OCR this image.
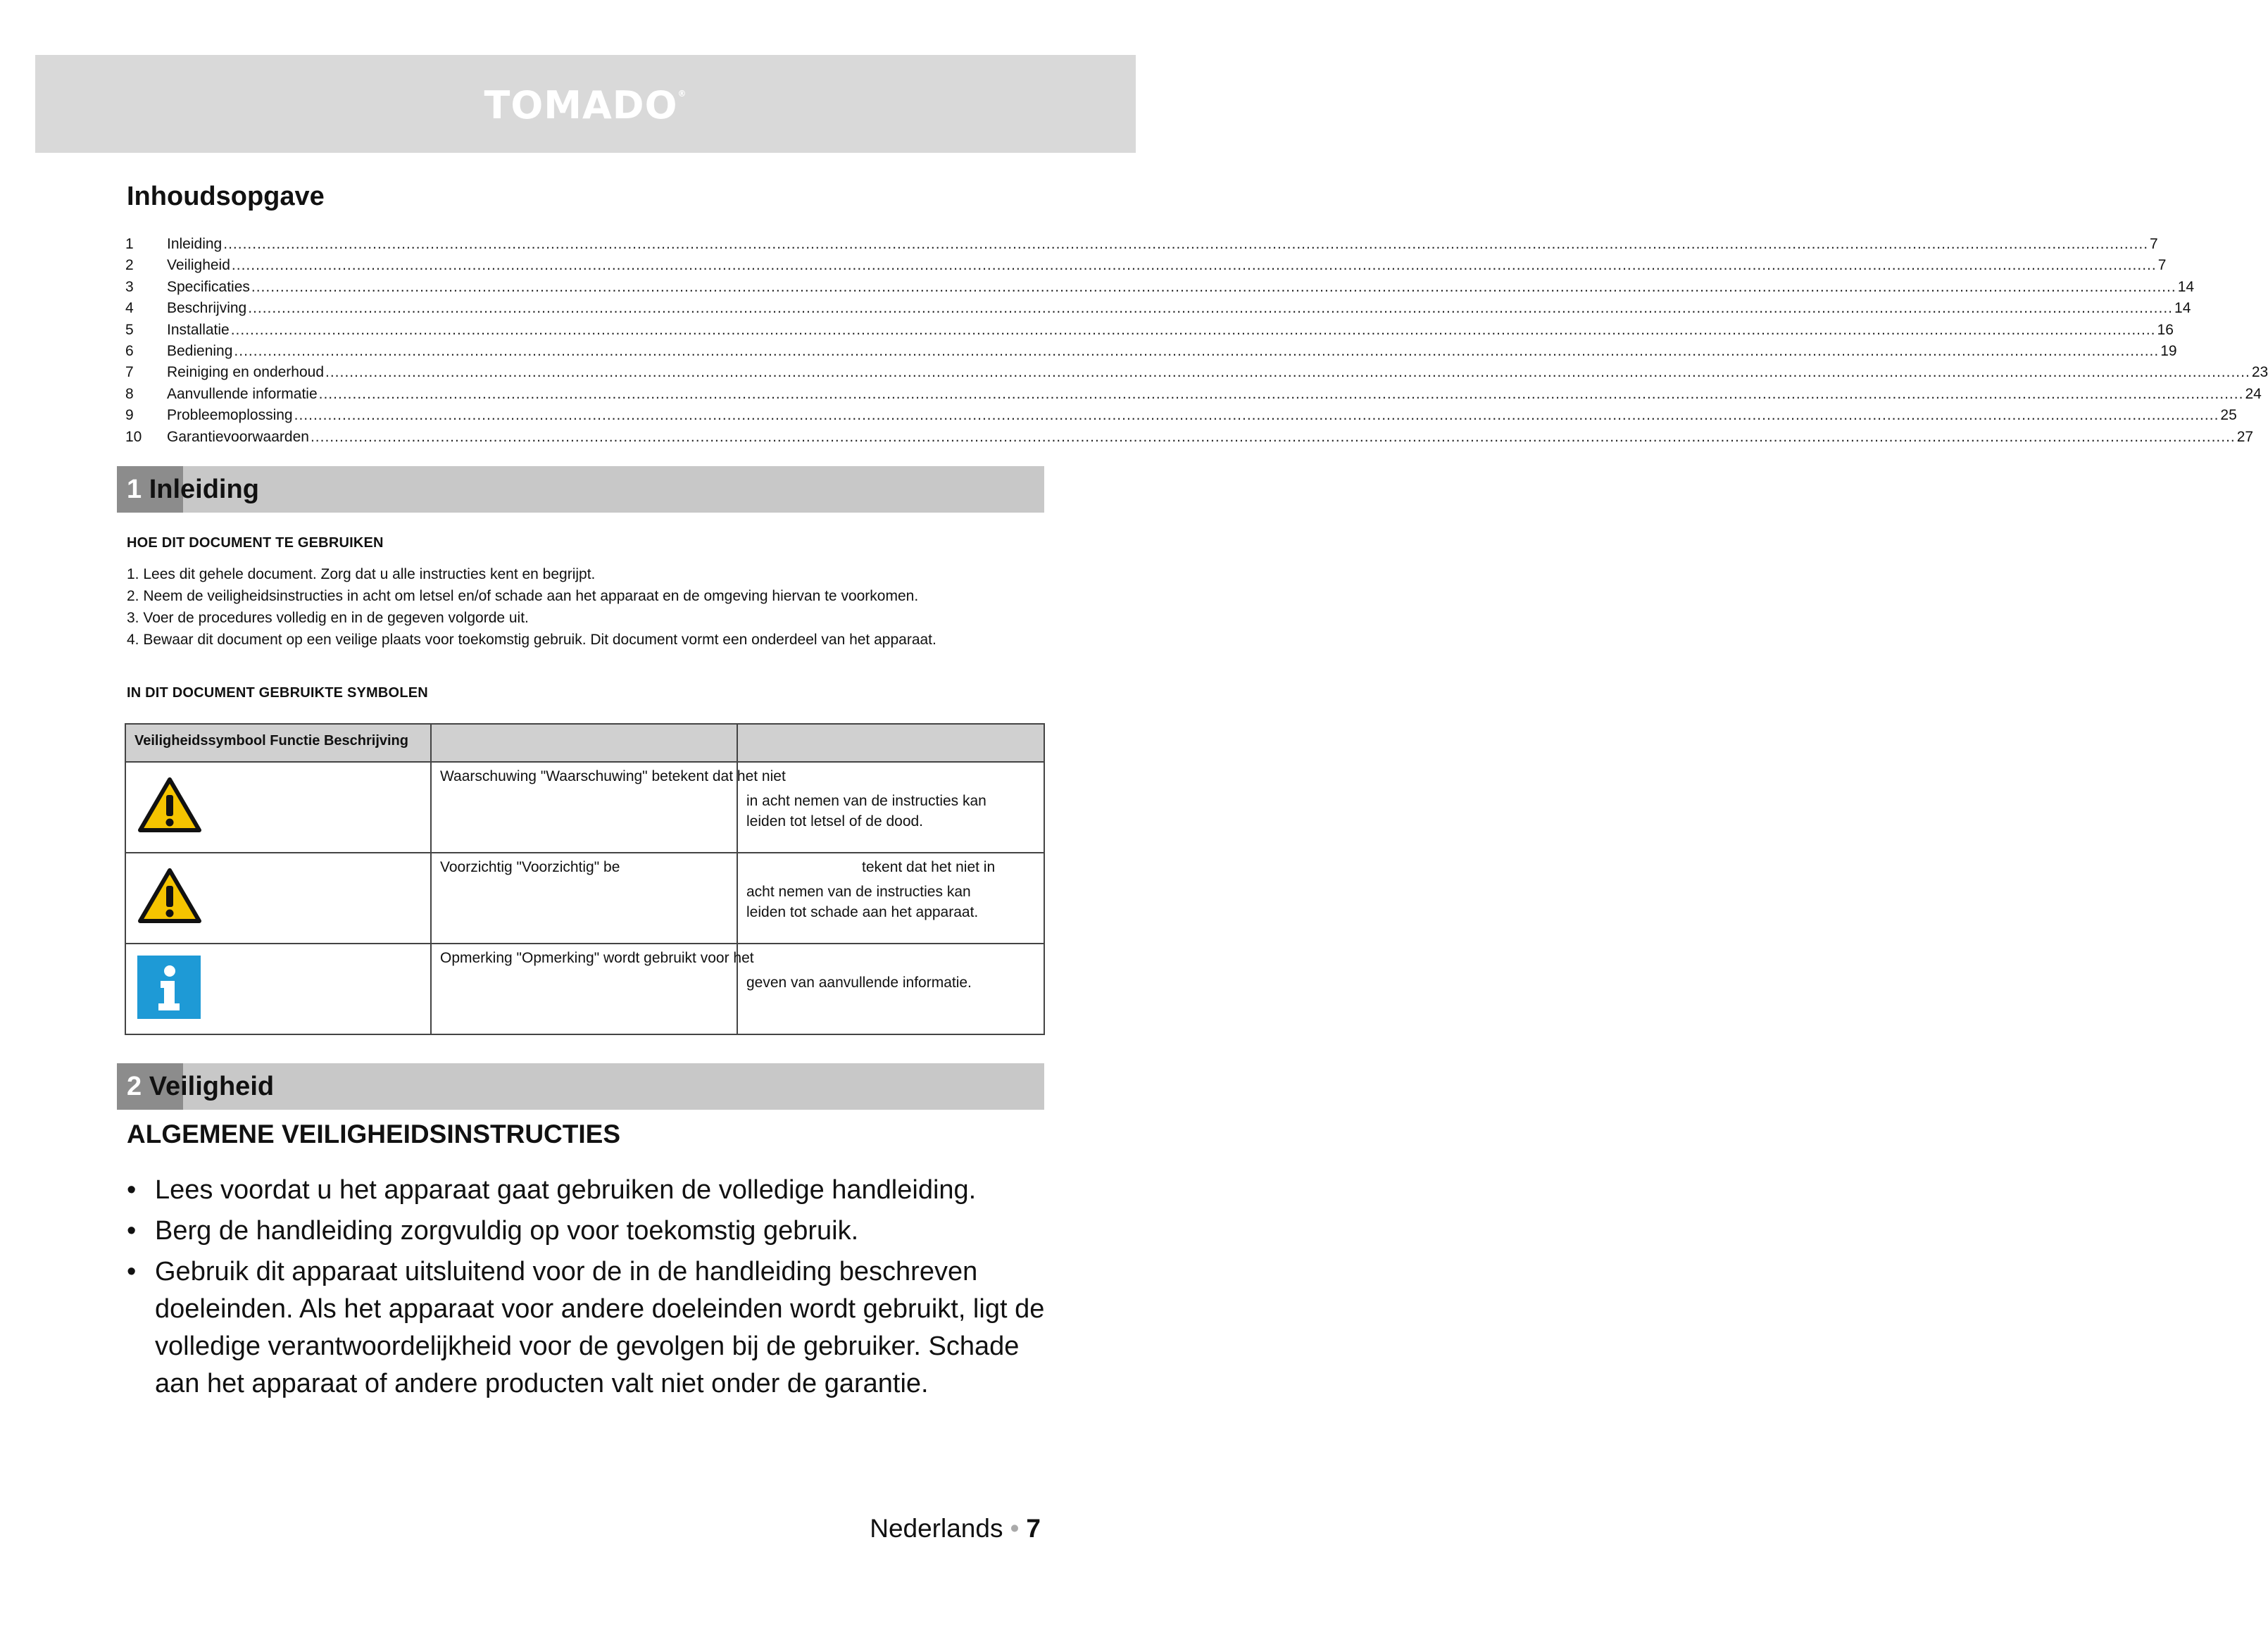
TOMADO®
Inhoudsopgave
1	Inleiding ................................................................................................................................................................................................................................................................................................................................................................................................................ 7
2	Veiligheid ................................................................................................................................................................................................................................................................................................................................................................................................................ 7
3	Specificaties ................................................................................................................................................................................................................................................................................................................................................................................................................ 14
4	Beschrijving ................................................................................................................................................................................................................................................................................................................................................................................................................ 14
5	Installatie ................................................................................................................................................................................................................................................................................................................................................................................................................ 16
6	Bediening ................................................................................................................................................................................................................................................................................................................................................................................................................ 19
7	Reiniging en onderhoud ................................................................................................................................................................................................................................................................................................................................................................................................................ 23
8	Aanvullende informatie ................................................................................................................................................................................................................................................................................................................................................................................................................ 24
9	Probleemoplossing ................................................................................................................................................................................................................................................................................................................................................................................................................ 25
10	Garantievoorwaarden ................................................................................................................................................................................................................................................................................................................................................................................................................ 27
1 Inleiding
HOE DIT DOCUMENT TE GEBRUIKEN
1. Lees dit gehele document. Zorg dat u alle instructies kent en begrijpt.
2. Neem de veiligheidsinstructies in acht om letsel en/of schade aan het apparaat en de omgeving hiervan te voorkomen.
3. Voer de procedures volledig en in de gegeven volgorde uit.
4. Bewaar dit document op een veilige plaats voor toekomstig gebruik. Dit document vormt een onderdeel van het apparaat.
IN DIT DOCUMENT GEBRUIKTE SYMBOLEN
Veiligheidssymbool Functie Beschrijving		

Waarschuwing "Waarschuwing" betekent dat het niet	in acht nemen van de instructies kan
leiden tot letsel of de dood.

Voorzichtig "Voorzichtig" be	tekent dat het niet in
acht nemen van de instructies kan
leiden tot schade aan het apparaat.

Opmerking "Opmerking" wordt gebruikt voor het	geven van aanvullende informatie.
2 Veiligheid
ALGEMENE VEILIGHEIDSINSTRUCTIES
• Lees voordat u het apparaat gaat gebruiken de volledige handleiding.
• Berg de handleiding zorgvuldig op voor toekomstig gebruik.
• Gebruik dit apparaat uitsluitend voor de in de handleiding beschreven doeleinden. Als het apparaat voor andere doeleinden wordt gebruikt, ligt de volledige verantwoordelijkheid voor de gevolgen bij de gebruiker. Schade aan het apparaat of andere producten valt niet onder de garantie.
Nederlands • 7
